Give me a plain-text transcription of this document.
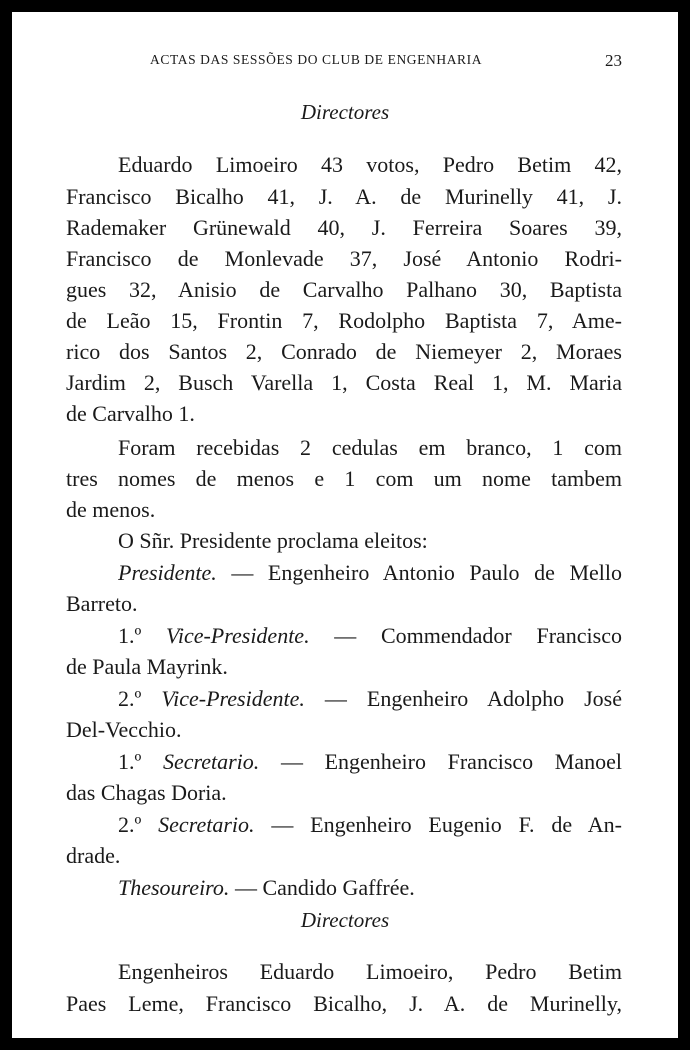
ACTAS DAS SESSÕES DO CLUB DE ENGENHARIA	23
Directores
Eduardo Limoeiro 43 votos, Pedro Betim 42,
Francisco Bicalho 41, J. A. de Murinelly 41, J.
Rademaker Grünewald 40, J. Ferreira Soares 39,
Francisco de Monlevade 37, José Antonio Rodri-
gues 32, Anisio de Carvalho Palhano 30, Baptista
de Leão 15, Frontin 7, Rodolpho Baptista 7, Ame-
rico dos Santos 2, Conrado de Niemeyer 2, Moraes
Jardim 2, Busch Varella 1, Costa Real 1, M. Maria
de Carvalho 1.
Foram recebidas 2 cedulas em branco, 1 com
tres nomes de menos e 1 com um nome tambem
de menos.
O Sñr. Presidente proclama eleitos:
Presidente. — Engenheiro Antonio Paulo de Mello
Barreto.
1.º Vice-Presidente. — Commendador Francisco
de Paula Mayrink.
2.º Vice-Presidente. — Engenheiro Adolpho José
Del-Vecchio.
1.º Secretario. — Engenheiro Francisco Manoel
das Chagas Doria.
2.º Secretario. — Engenheiro Eugenio F. de An-
drade.
Thesoureiro. — Candido Gaffrée.
Directores
Engenheiros Eduardo Limoeiro, Pedro Betim
Paes Leme, Francisco Bicalho, J. A. de Murinelly,
